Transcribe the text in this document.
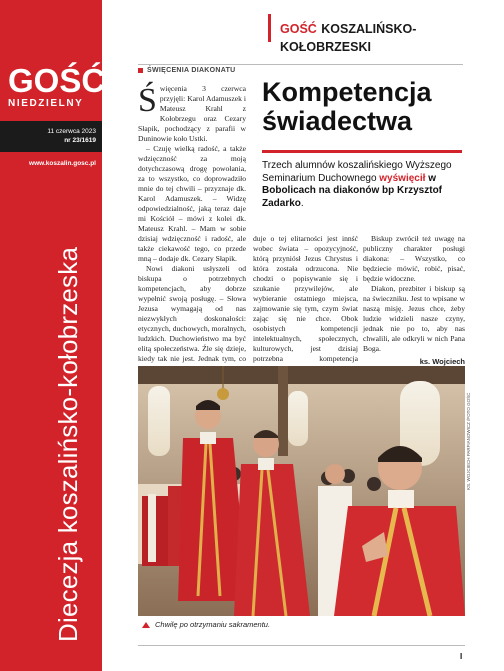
GOŚĆ
NIEDZIELNY
11 czerwca 2023
nr 23/1619
www.koszalin.gosc.pl
Diecezja koszalińsko-kołobrzeska
GOŚĆ KOSZALIŃSKO-KOŁOBRZESKI
ŚWIĘCENIA DIAKONATU

Święcenia 3 czerwca przyjęli: Karol Adamuszek i Mateusz Krahl z Kołobrzegu oraz Cezary Słapik, pochodzący z parafii w Duninowie koło Ustki.

– Czuję wielką radość, a także wdzięczność za moją dotychczasową drogę powołania, za to wszystko, co doprowadziło mnie do tej chwili – przyznaje dk. Karol Adamuszek. – Widzę odpowiedzialność, jaką teraz daje mi Kościół – mówi z kolei dk. Mateusz Krahl. – Mam w sobie dzisiaj wdzięczność i radość, ale także ciekawość tego, co przede mną – dodaje dk. Cezary Słapik.

Nowi diakoni usłyszeli od biskupa o potrzebnych kompetencjach, aby dobrze wypełnić swoją posługę. – Słowa Jezusa wymagają od nas niezwykłych doskonałości: etycznych, duchowych, moralnych, ludzkich. Duchowieństwo ma być elitą społeczeństwa. Źle się dzieje, kiedy tak nie jest. Jednak tym, co

Kompetencja
świadectwa
Trzech alumnów koszalińskiego Wyższego Seminarium Duchownego wyświęcił w Bobolicach na diakonów bp Krzysztof Zadarko.

duje o tej elitarności jest innść wobec świata – opozycyjność, którą przyniósł Jezus Chrystus i która została odrzucona. Nie chodzi o popisywanie się i szukanie przywilejów, ale wybieranie ostatniego miejsca, zajmowanie się tym, czym świat zając się nie chce. Obok osobistych kompetencji intelektualnych, społecznych, kulturowych, jest dzisiaj potrzebna kompetencja

Biskup zwrócił też uwagę na publiczny charakter posługi diakona: – Wszystko, co będziecie mówić, robić, pisać, będzie widoczne.

Diakon, prezbiter i biskup są na świeczniku. Jest to wpisane w naszą misję. Jezus chce, żeby ludzie widzieli nasze czyny, jednak nie po to, aby nas chwalili, ale odkryli w nich Pana Boga.

ks. Wojciech
KS. WOJCIECH PARFIANOWICZ /FOTO GOŚĆ
Chwilę po otrzymaniu sakramentu.
I
